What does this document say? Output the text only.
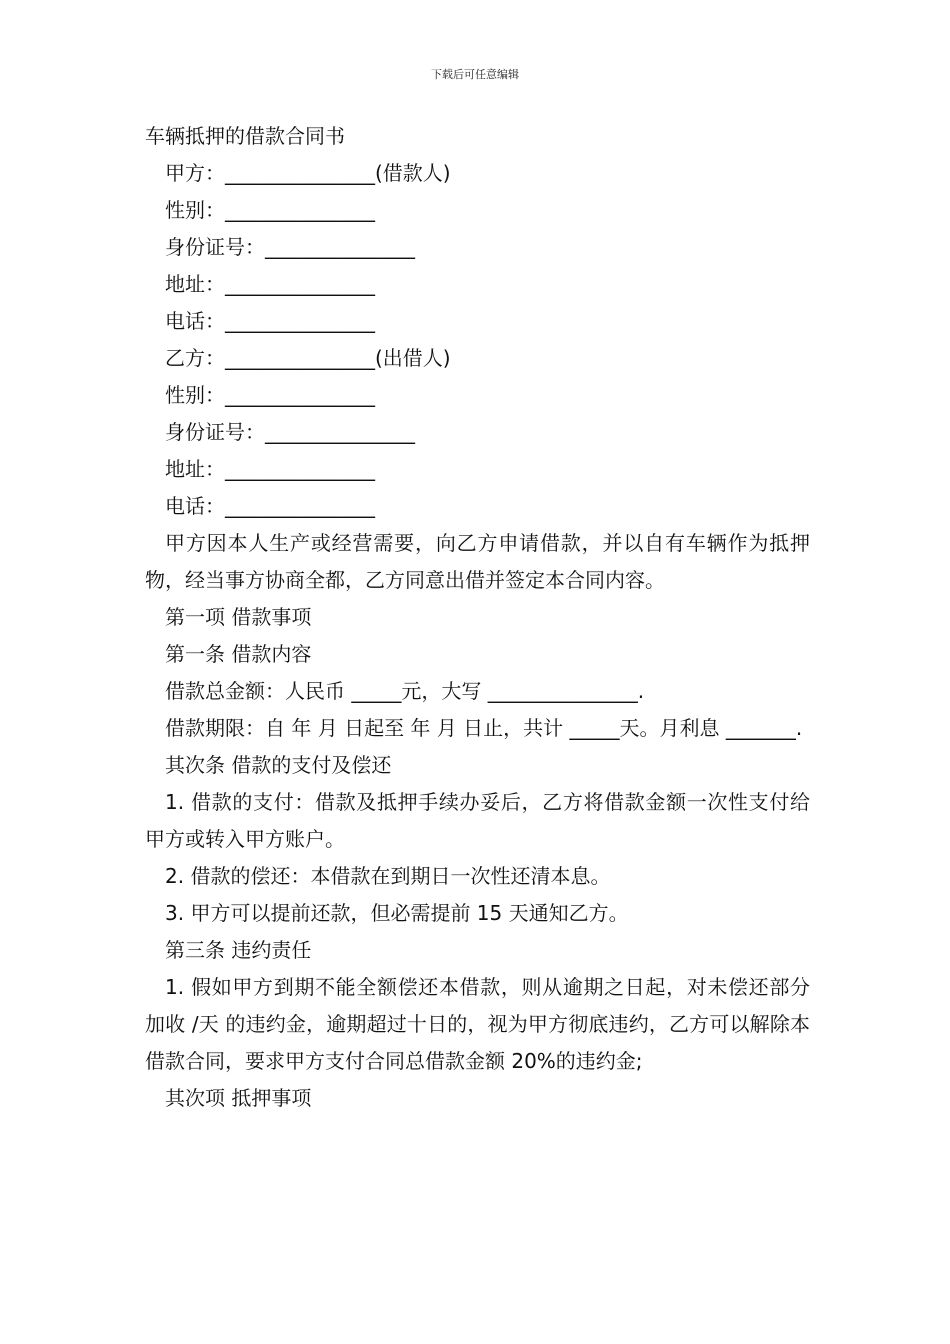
下载后可任意编辑

车辆抵押的借款合同书

甲方：_______________(借款人)

性别：_______________

身份证号：_______________

地址：_______________

电话：_______________

乙方：_______________(出借人)

性别：_______________

身份证号：_______________

地址：_______________

电话：_______________

甲方因本人生产或经营需要，向乙方申请借款，并以自有车辆作为抵押物，经当事方协商全都，乙方同意出借并签定本合同内容。

第一项 借款事项

第一条 借款内容

借款总金额：人民币 _____元，大写 _______________.

借款期限：自 年 月 日起至 年 月 日止，共计 _____天。月利息 _______.

其次条 借款的支付及偿还

1. 借款的支付：借款及抵押手续办妥后，乙方将借款金额一次性支付给甲方或转入甲方账户。

2. 借款的偿还：本借款在到期日一次性还清本息。

3. 甲方可以提前还款，但必需提前 15 天通知乙方。

第三条 违约责任

1. 假如甲方到期不能全额偿还本借款，则从逾期之日起，对未偿还部分加收 /天 的违约金，逾期超过十日的，视为甲方彻底违约，乙方可以解除本借款合同，要求甲方支付合同总借款金额 20%的违约金;

其次项 抵押事项
